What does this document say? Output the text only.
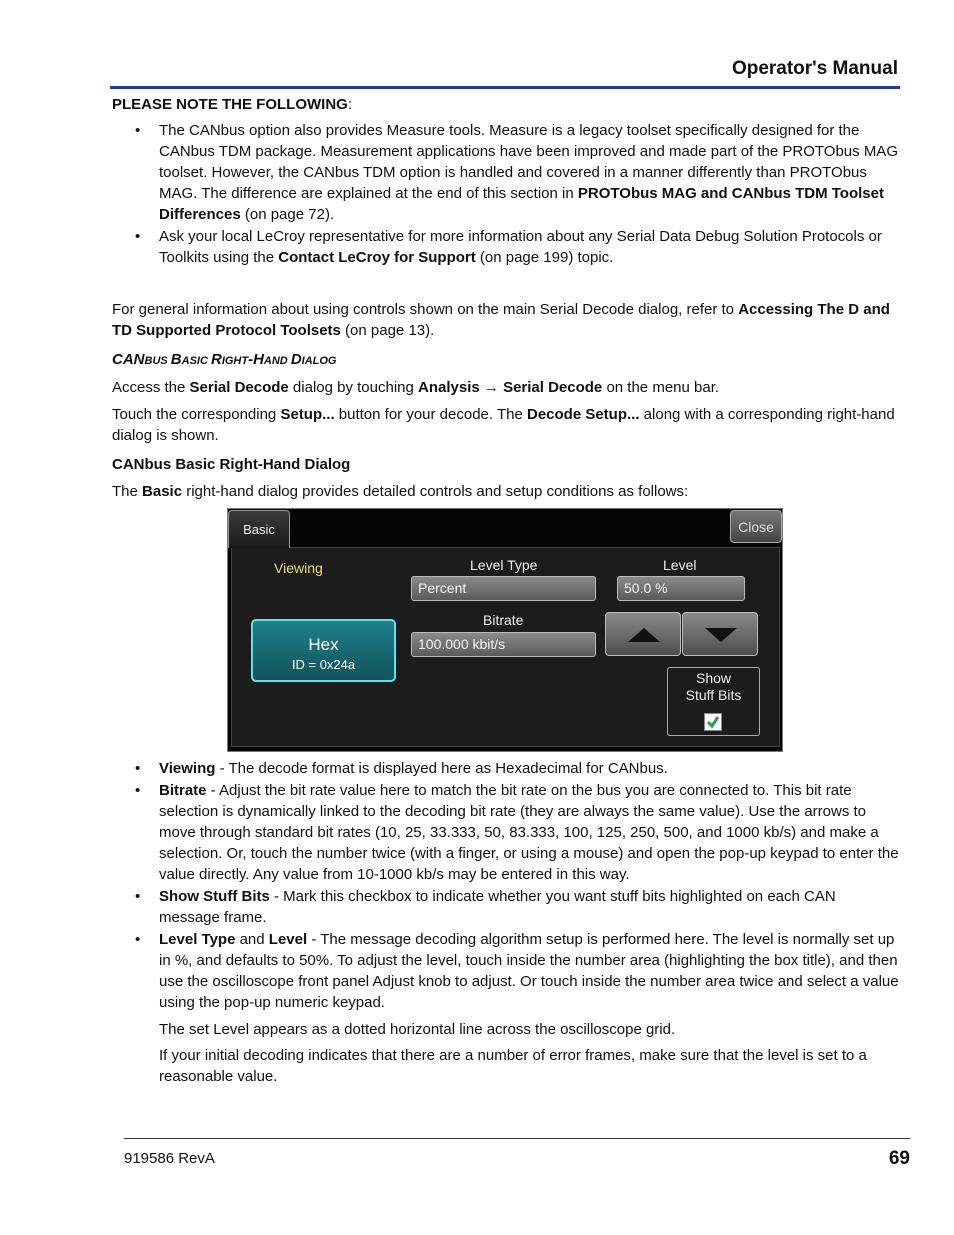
Operator's Manual
PLEASE NOTE THE FOLLOWING:
• The CANbus option also provides Measure tools. Measure is a legacy toolset specifically designed for the CANbus TDM package. Measurement applications have been improved and made part of the PROTObus MAG toolset. However, the CANbus TDM option is handled and covered in a manner differently than PROTObus MAG. The difference are explained at the end of this section in PROTObus MAG and CANbus TDM Toolset Differences (on page 72).
• Ask your local LeCroy representative for more information about any Serial Data Debug Solution Protocols or Toolkits using the Contact LeCroy for Support (on page 199) topic.
For general information about using controls shown on the main Serial Decode dialog, refer to Accessing The D and TD Supported Protocol Toolsets (on page 13).
CANBUS BASIC RIGHT-HAND DIALOG
Access the Serial Decode dialog by touching Analysis → Serial Decode on the menu bar.
Touch the corresponding Setup... button for your decode. The Decode Setup... along with a corresponding right-hand dialog is shown.
CANbus Basic Right-Hand Dialog
The Basic right-hand dialog provides detailed controls and setup conditions as follows:
Basic	Close
Viewing
Hex
ID = 0x24a
Level Type
Percent
Level
50.0 %
Bitrate
100.000 kbit/s
Show
Stuff Bits
• Viewing - The decode format is displayed here as Hexadecimal for CANbus.
• Bitrate - Adjust the bit rate value here to match the bit rate on the bus you are connected to. This bit rate selection is dynamically linked to the decoding bit rate (they are always the same value). Use the arrows to move through standard bit rates (10, 25, 33.333, 50, 83.333, 100, 125, 250, 500, and 1000 kb/s) and make a selection. Or, touch the number twice (with a finger, or using a mouse) and open the pop-up keypad to enter the value directly. Any value from 10-1000 kb/s may be entered in this way.
• Show Stuff Bits - Mark this checkbox to indicate whether you want stuff bits highlighted on each CAN message frame.
• Level Type and Level - The message decoding algorithm setup is performed here. The level is normally set up in %, and defaults to 50%. To adjust the level, touch inside the number area (highlighting the box title), and then use the oscilloscope front panel Adjust knob to adjust. Or touch inside the number area twice and select a value using the pop-up numeric keypad.
The set Level appears as a dotted horizontal line across the oscilloscope grid.
If your initial decoding indicates that there are a number of error frames, make sure that the level is set to a reasonable value.
919586 RevA	69
